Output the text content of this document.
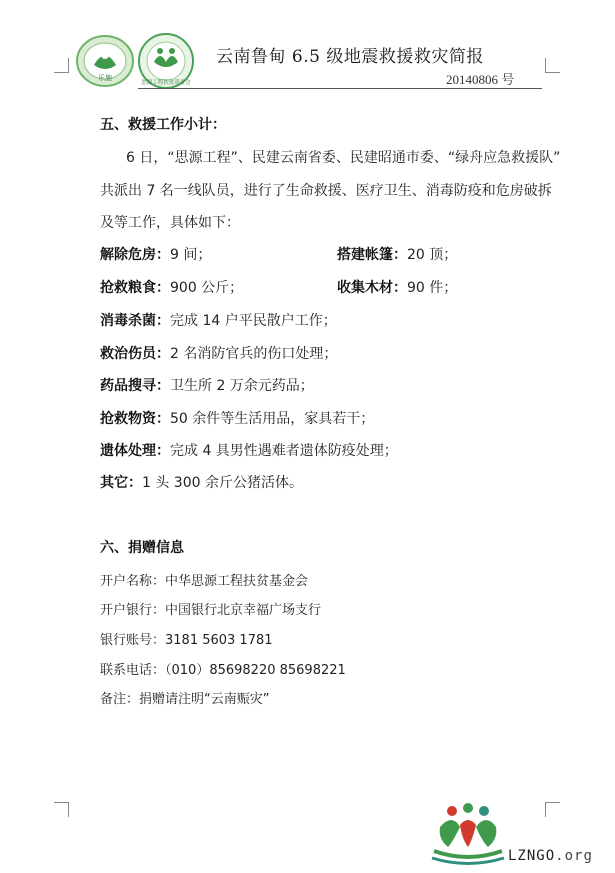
乐施
思源工程扶贫基金会
云南鲁甸 6.5 级地震救援救灾简报
20140806 号
五、救援工作小计：
6 日，“思源工程”、民建云南省委、民建昭通市委、“绿舟应急救援队”
共派出 7 名一线队员，进行了生命救援、医疗卫生、消毒防疫和危房破拆
及等工作，具体如下：
解除危房：9 间；	搭建帐篷：20 顶；
抢救粮食：900 公斤；	收集木材：90 件；
消毒杀菌：完成 14 户平民散户工作；
救治伤员：2 名消防官兵的伤口处理；
药品搜寻：卫生所 2 万余元药品；
抢救物资：50 余件等生活用品，家具若干；
遗体处理：完成 4 具男性遇难者遗体防疫处理；
其它：1 头 300 余斤公猪活体。
六、捐赠信息
开户名称：中华思源工程扶贫基金会
开户银行：中国银行北京幸福广场支行
银行账号：3181 5603 1781
联系电话：（010）85698220 85698221
备注：捐赠请注明“云南赈灾”
LZNGO.org
